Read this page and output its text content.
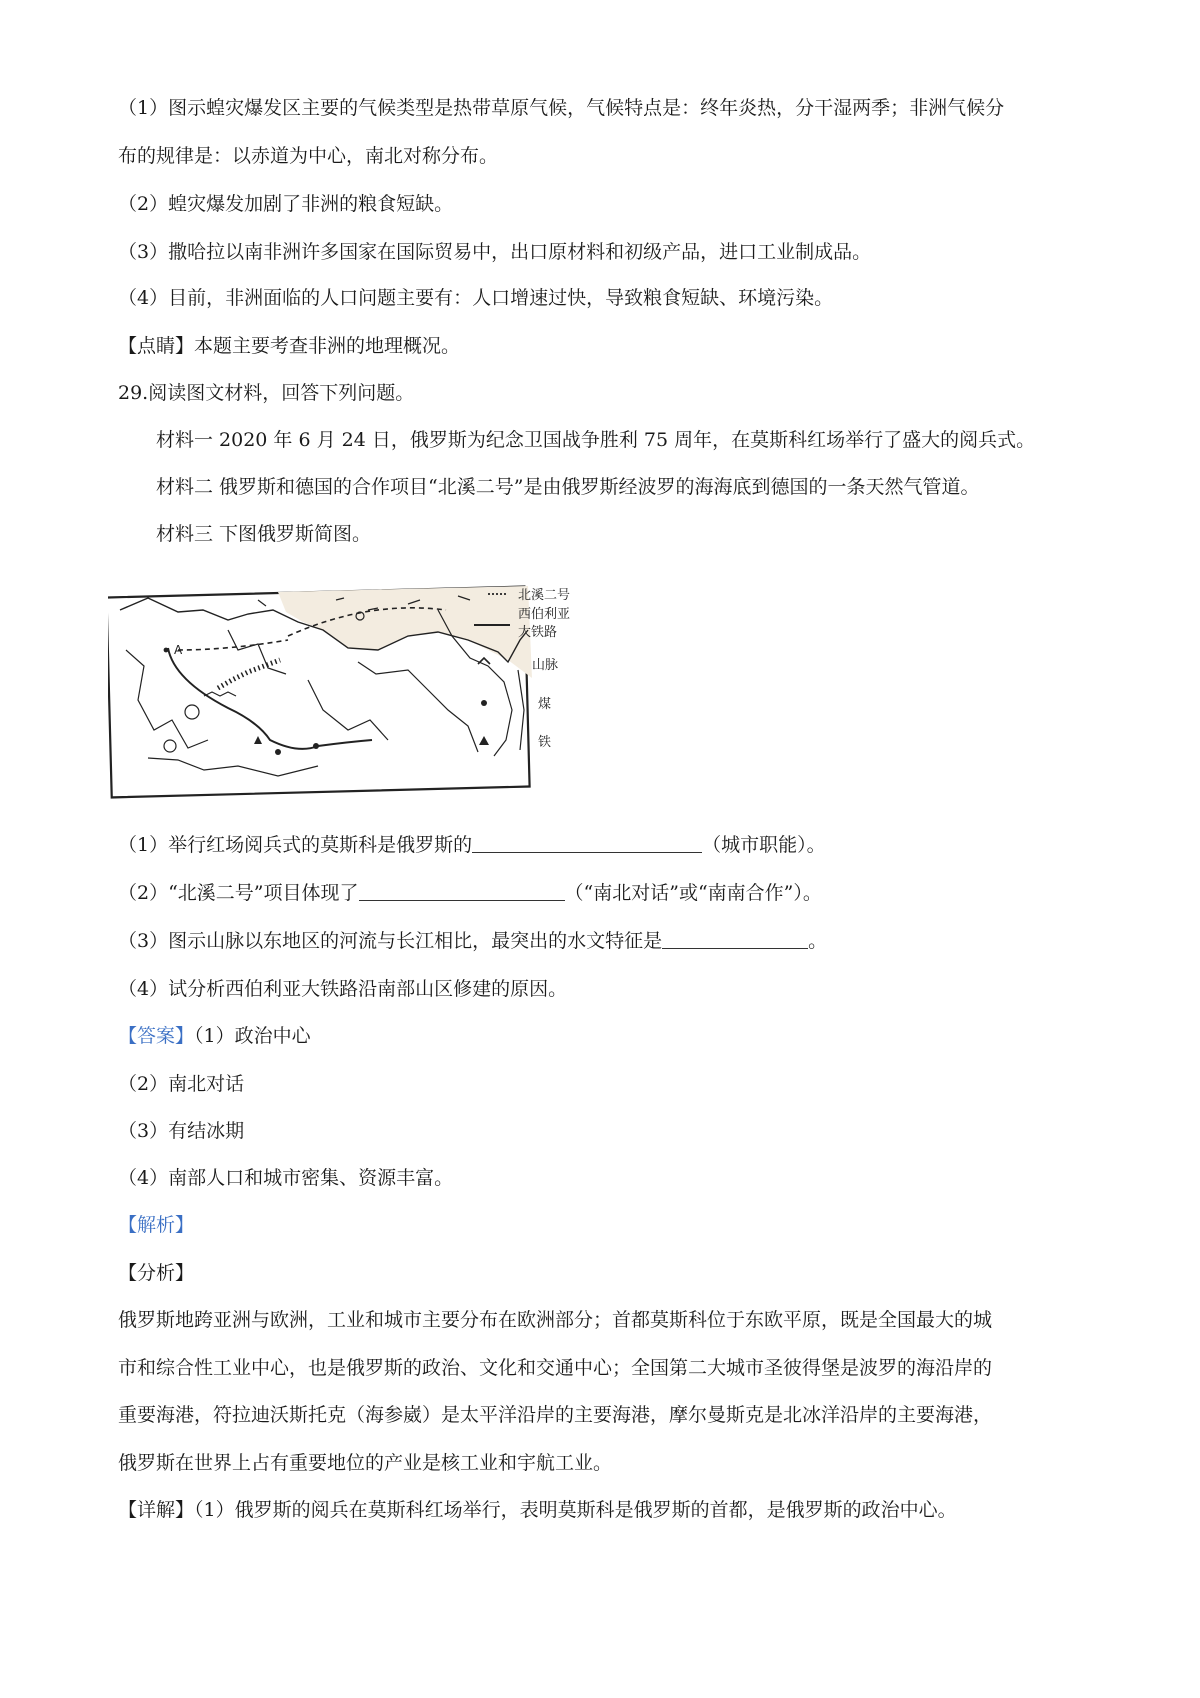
（1）图示蝗灾爆发区主要的气候类型是热带草原气候，气候特点是：终年炎热，分干湿两季；非洲气候分
布的规律是：以赤道为中心，南北对称分布。
（2）蝗灾爆发加剧了非洲的粮食短缺。
（3）撒哈拉以南非洲许多国家在国际贸易中，出口原材料和初级产品，进口工业制成品。
（4）目前，非洲面临的人口问题主要有：人口增速过快，导致粮食短缺、环境污染。
【点睛】本题主要考查非洲的地理概况。
29.阅读图文材料，回答下列问题。
材料一 2020 年 6 月 24 日，俄罗斯为纪念卫国战争胜利 75 周年，在莫斯科红场举行了盛大的阅兵式。
材料二 俄罗斯和德国的合作项目“北溪二号”是由俄罗斯经波罗的海海底到德国的一条天然气管道。
材料三 下图俄罗斯简图。
A
北溪二号
西伯利亚
大铁路
山脉
煤
铁
（1）举行红场阅兵式的莫斯科是俄罗斯的	（城市职能）。
（2）“北溪二号”项目体现了	（“南北对话”或“南南合作”）。
（3）图示山脉以东地区的河流与长江相比，最突出的水文特征是	。
（4）试分析西伯利亚大铁路沿南部山区修建的原因。
【答案】（1）政治中心
（2）南北对话
（3）有结冰期
（4）南部人口和城市密集、资源丰富。
【解析】
【分析】
俄罗斯地跨亚洲与欧洲，工业和城市主要分布在欧洲部分；首都莫斯科位于东欧平原，既是全国最大的城
市和综合性工业中心，也是俄罗斯的政治、文化和交通中心；全国第二大城市圣彼得堡是波罗的海沿岸的
重要海港，符拉迪沃斯托克（海参崴）是太平洋沿岸的主要海港，摩尔曼斯克是北冰洋沿岸的主要海港，
俄罗斯在世界上占有重要地位的产业是核工业和宇航工业。
【详解】（1）俄罗斯的阅兵在莫斯科红场举行，表明莫斯科是俄罗斯的首都，是俄罗斯的政治中心。
